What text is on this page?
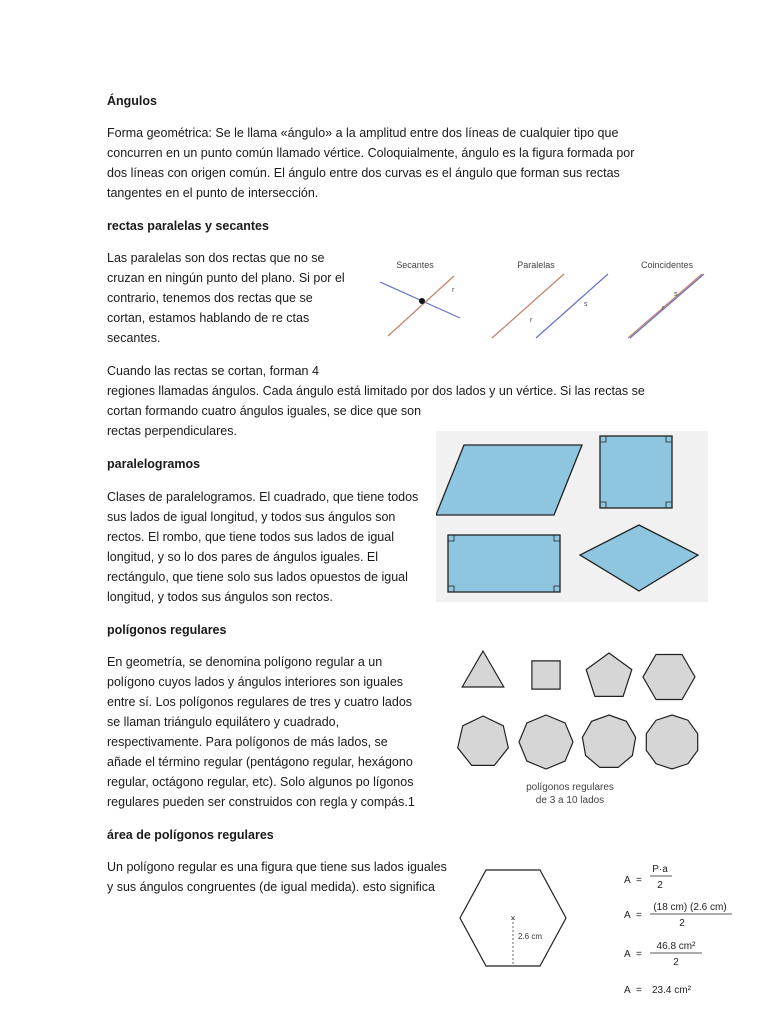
Ángulos
Forma geométrica: Se le llama «ángulo» a la amplitud entre dos líneas de cualquier tipo que
concurren en un punto común llamado vértice. Coloquialmente, ángulo es la figura formada por
dos líneas con origen común. El ángulo entre dos curvas es el ángulo que forman sus rectas
tangentes en el punto de intersección.
rectas paralelas y secantes
Las paralelas son dos rectas que no se
cruzan en ningún punto del plano. Si por el
contrario, tenemos dos rectas que se
cortan, estamos hablando de re ctas
secantes.
Secantes	Paralelas	Coincidentes
r
r
s
r
s
Cuando las rectas se cortan, forman 4
regiones llamadas ángulos. Cada ángulo está limitado por dos lados y un vértice. Si las rectas se
cortan formando cuatro ángulos iguales, se dice que son
rectas perpendiculares.
paralelogramos
Clases de paralelogramos. El cuadrado, que tiene todos
sus lados de igual longitud, y todos sus ángulos son
rectos. El rombo, que tiene todos sus lados de igual
longitud, y so lo dos pares de ángulos iguales. El
rectángulo, que tiene solo sus lados opuestos de igual
longitud, y todos sus ángulos son rectos.
polígonos regulares
En geometría, se denomina polígono regular a un
polígono cuyos lados y ángulos interiores son iguales
entre sí. Los polígonos regulares de tres y cuatro lados
se llaman triángulo equilátero y cuadrado,
respectivamente. Para polígonos de más lados, se
añade el término regular (pentágono regular, hexágono
regular, octágono regular, etc). Solo algunos po lígonos
regulares pueden ser construidos con regla y compás.1
polígonos regulares
de 3 a 10 lados
área de polígonos regulares
Un polígono regular es una figura que tiene sus lados iguales
y sus ángulos congruentes (de igual medida). esto significa
×
2.6 cm
A =
P·a
2
A =
(18 cm) (2.6 cm)
2
A =
46.8 cm²
2
A = 23.4 cm²
